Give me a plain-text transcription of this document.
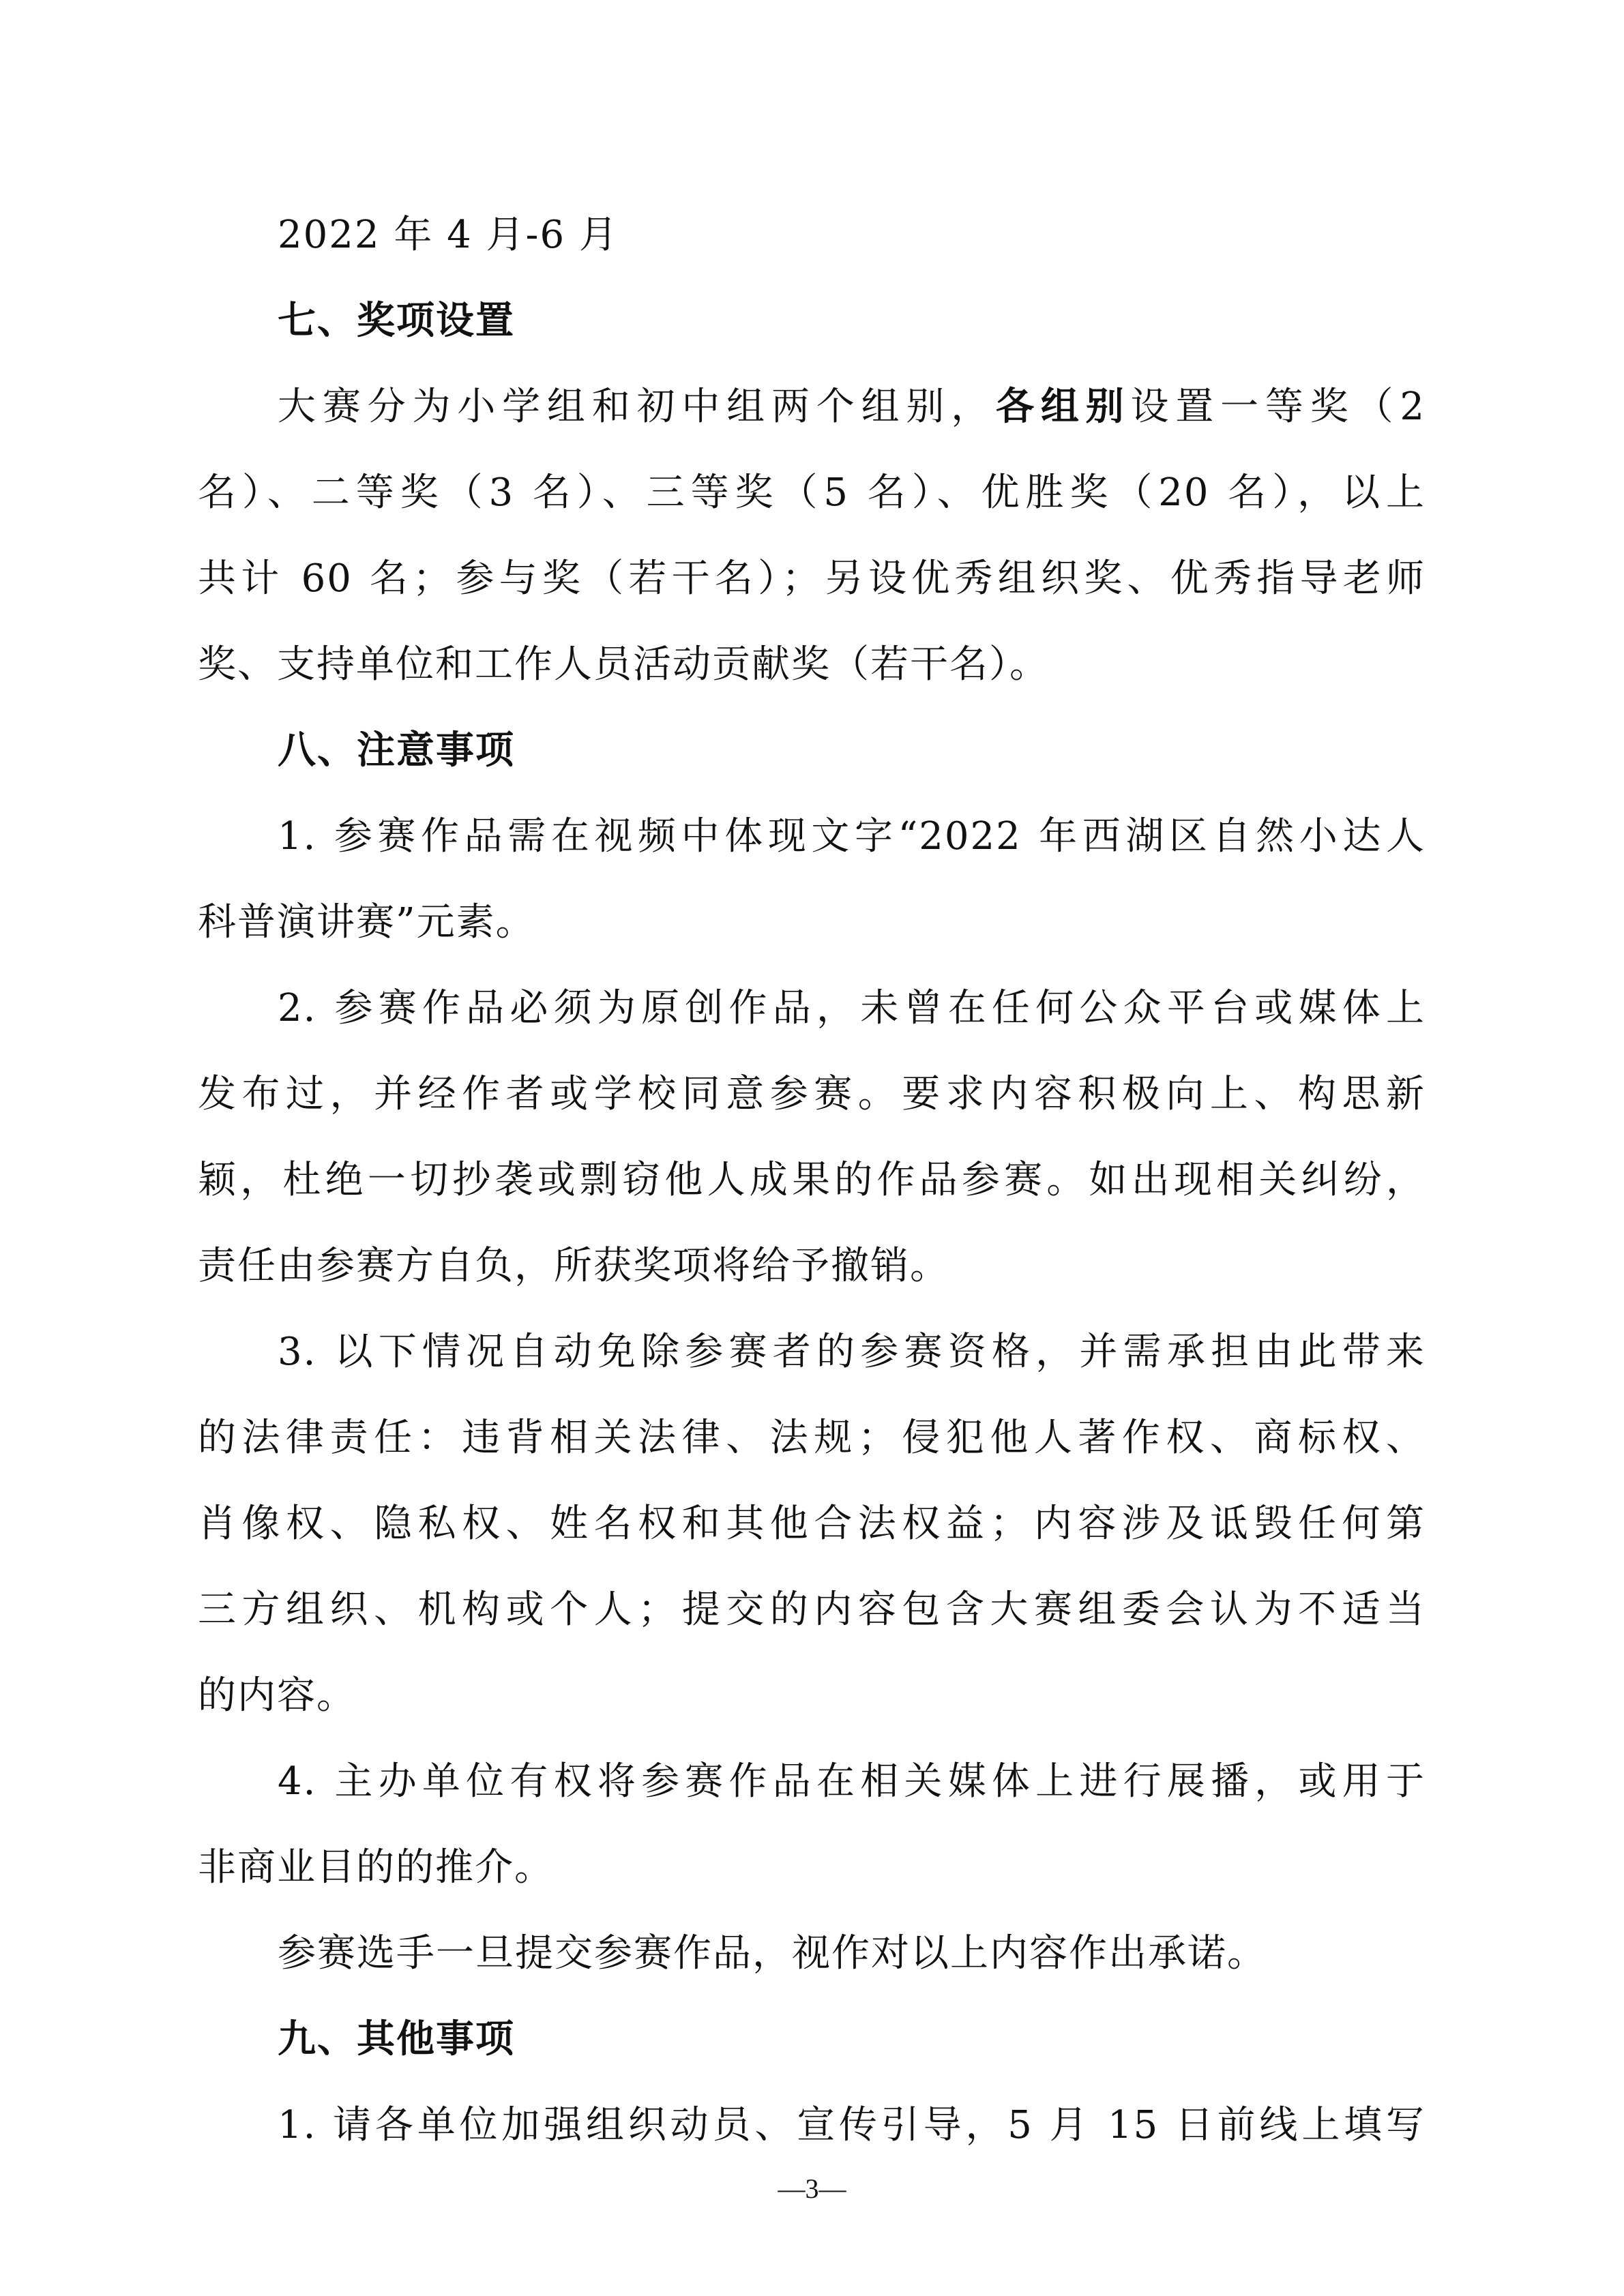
2022 年 4 月-6 月
七、奖项设置
大赛分为小学组和初中组两个组别，各组别设置一等奖（2
名）、二等奖（3 名）、三等奖（5 名）、优胜奖（20 名），以上
共计 60 名；参与奖（若干名）；另设优秀组织奖、优秀指导老师
奖、支持单位和工作人员活动贡献奖（若干名）。
八、注意事项
1. 参赛作品需在视频中体现文字“2022 年西湖区自然小达人
科普演讲赛”元素。
2. 参赛作品必须为原创作品，未曾在任何公众平台或媒体上
发布过，并经作者或学校同意参赛。要求内容积极向上、构思新
颖，杜绝一切抄袭或剽窃他人成果的作品参赛。如出现相关纠纷，
责任由参赛方自负，所获奖项将给予撤销。
3. 以下情况自动免除参赛者的参赛资格，并需承担由此带来
的法律责任：违背相关法律、法规；侵犯他人著作权、商标权、
肖像权、隐私权、姓名权和其他合法权益；内容涉及诋毁任何第
三方组织、机构或个人；提交的内容包含大赛组委会认为不适当
的内容。
4. 主办单位有权将参赛作品在相关媒体上进行展播，或用于
非商业目的的推介。
参赛选手一旦提交参赛作品，视作对以上内容作出承诺。
九、其他事项
1. 请各单位加强组织动员、宣传引导，5 月 15 日前线上填写
—3—
